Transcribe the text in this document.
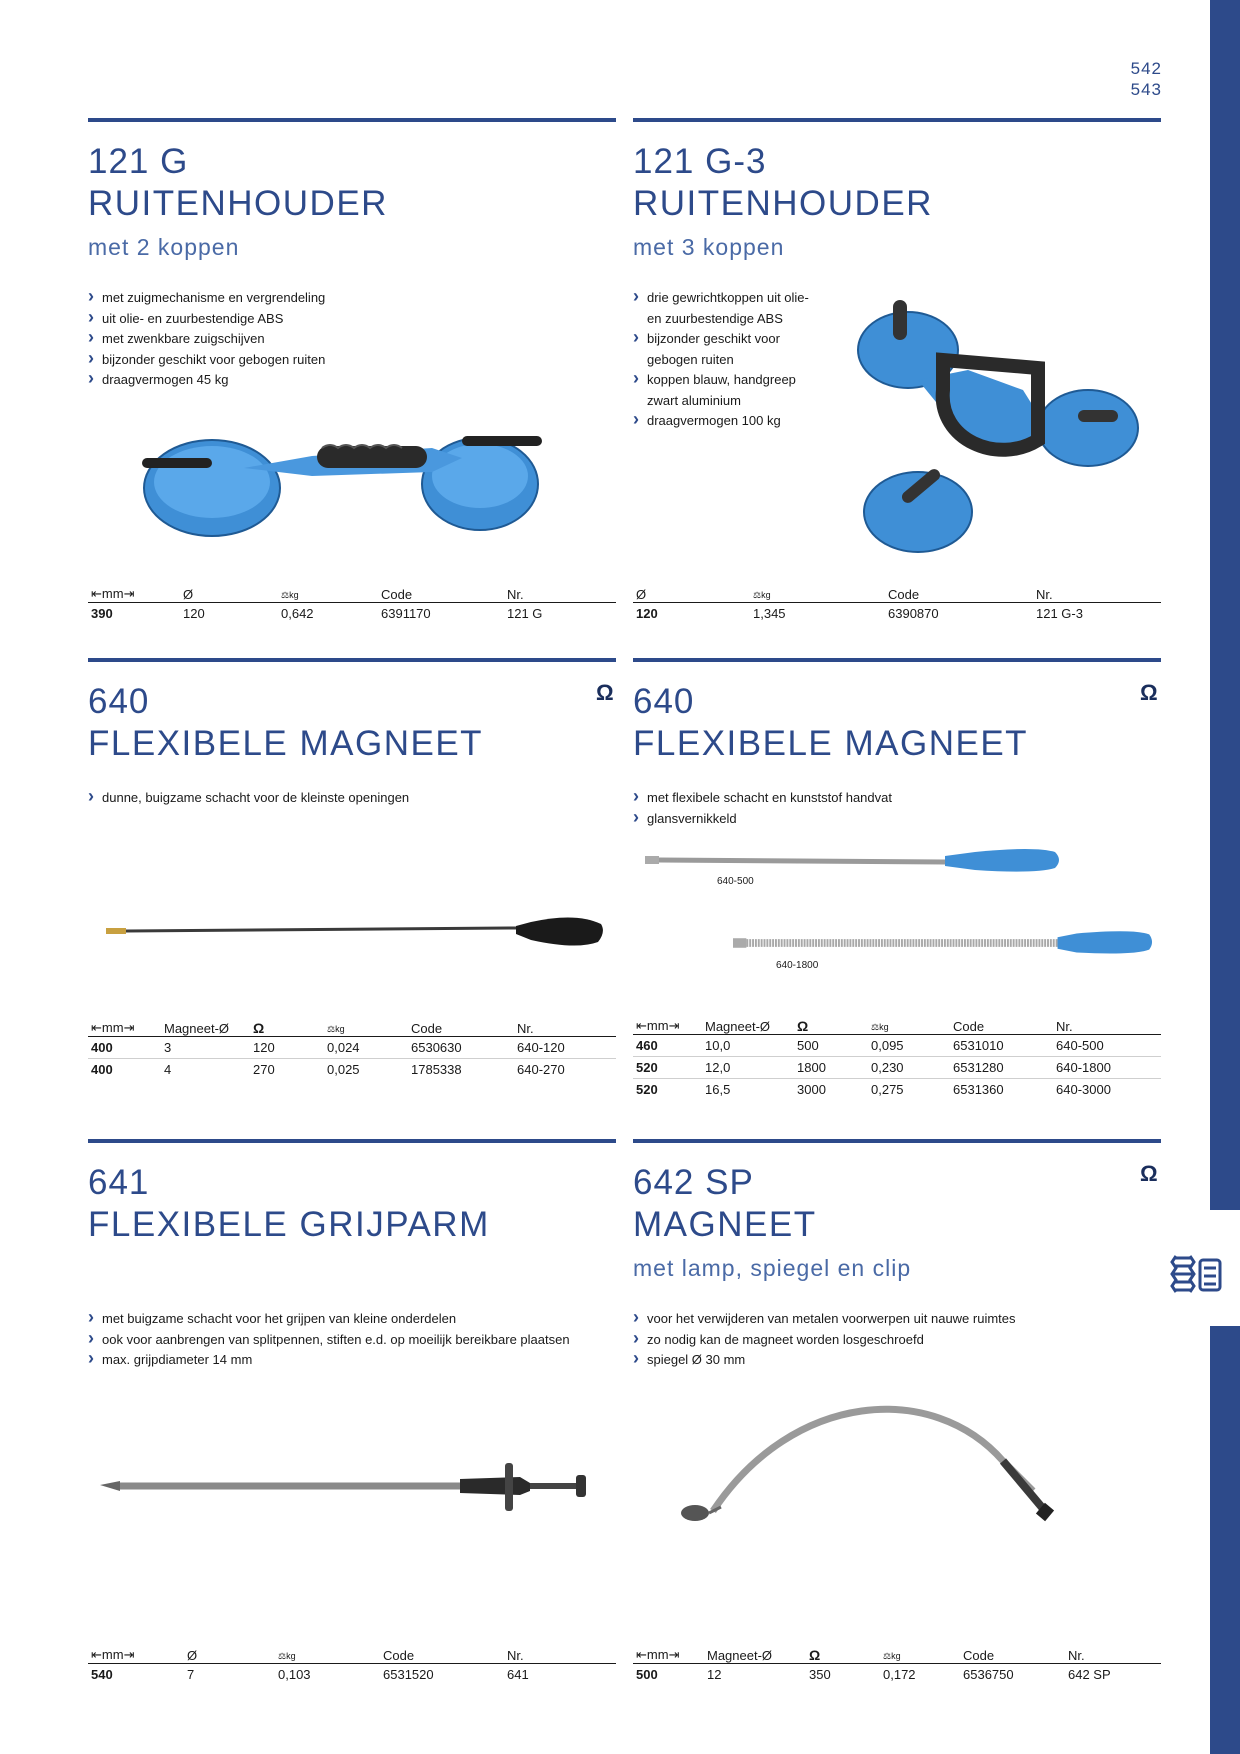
542
543
121 G
RUITENHOUDER
met 2 koppen
› met zuigmechanisme en vergrendeling
› uit olie- en zuurbestendige ABS
› met zwenkbare zuigschijven
› bijzonder geschikt voor gebogen ruiten
› draagvermogen 45 kg
⇤mm⇥	Ø	⚖kg	Code	Nr.
390	120	0,642	6391170	121 G
121 G-3
RUITENHOUDER
met 3 koppen
› drie gewrichtkoppen uit olie- en zuurbestendige ABS
› bijzonder geschikt voor gebogen ruiten
› koppen blauw, handgreep zwart aluminium
› draagvermogen 100 kg
Ø	⚖kg	Code	Nr.
120	1,345	6390870	121 G-3
Ω
640
FLEXIBELE MAGNEET
› dunne, buigzame schacht voor de kleinste openingen
⇤mm⇥	Magneet-Ø	Ω	⚖kg	Code	Nr.
400	3	120	0,024	6530630	640-120
400	4	270	0,025	1785338	640-270
Ω
640
FLEXIBELE MAGNEET
› met flexibele schacht en kunststof handvat
› glansvernikkeld
640-500
640-1800
⇤mm⇥	Magneet-Ø	Ω	⚖kg	Code	Nr.
460	10,0	500	0,095	6531010	640-500
520	12,0	1800	0,230	6531280	640-1800
520	16,5	3000	0,275	6531360	640-3000
641
FLEXIBELE GRIJPARM
› met buigzame schacht voor het grijpen van kleine onderdelen
› ook voor aanbrengen van splitpennen, stiften e.d. op moeilijk bereikbare plaatsen
› max. grijpdiameter 14 mm
⇤mm⇥	Ø	⚖kg	Code	Nr.
540	7	0,103	6531520	641
Ω
642 SP
MAGNEET
met lamp, spiegel en clip
› voor het verwijderen van metalen voorwerpen uit nauwe ruimtes
› zo nodig kan de magneet worden losgeschroefd
› spiegel Ø 30 mm
⇤mm⇥	Magneet-Ø	Ω	⚖kg	Code	Nr.
500	12	350	0,172	6536750	642 SP
